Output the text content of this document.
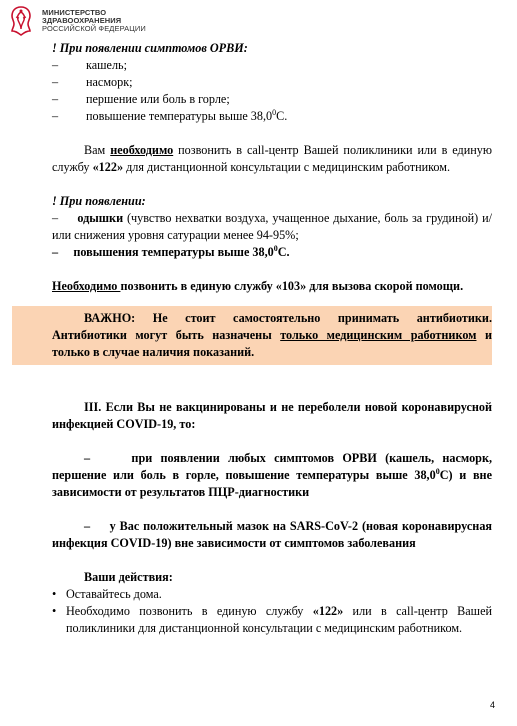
МИНИСТЕРСТВО
ЗДРАВООХРАНЕНИЯ
РОССИЙСКОЙ ФЕДЕРАЦИИ

! При появлении симптомов ОРВИ:

– кашель;
– насморк;
– першение или боль в горле;
– повышение температуры выше 38,0$^0$С.

Вам необходимо позвонить в call-центр Вашей поликлиники или в единую службу «122» для дистанционной консультации с медицинским работником.

! При появлении:

–     одышки (чувство нехватки воздуха, учащенное дыхание, боль за грудиной) и/или снижения уровня сатурации менее 94-95%;

–     повышения температуры выше 38,0$^0$С.

Необходимо позвонить в единую службу «103» для вызова скорой помощи.

ВАЖНО: Не стоит самостоятельно принимать антибиотики. Антибиотики могут быть назначены только медицинским работником и только в случае наличия показаний.

III. Если Вы не вакцинированы и не переболели новой коронавирусной инфекцией COVID-19, то:

–     при появлении любых симптомов ОРВИ (кашель, насморк, першение или боль в горле, повышение температуры выше 38,0$^0$С) и вне зависимости от результатов ПЦР-диагностики

–     у Вас положительный мазок на SARS-CoV-2 (новая коронавирусная инфекция COVID-19) вне зависимости от симптомов заболевания

Ваши действия:

• Оставайтесь дома.
• Необходимо позвонить в единую службу «122» или в call-центр Вашей поликлиники для дистанционной консультации с медицинским работником.
4
